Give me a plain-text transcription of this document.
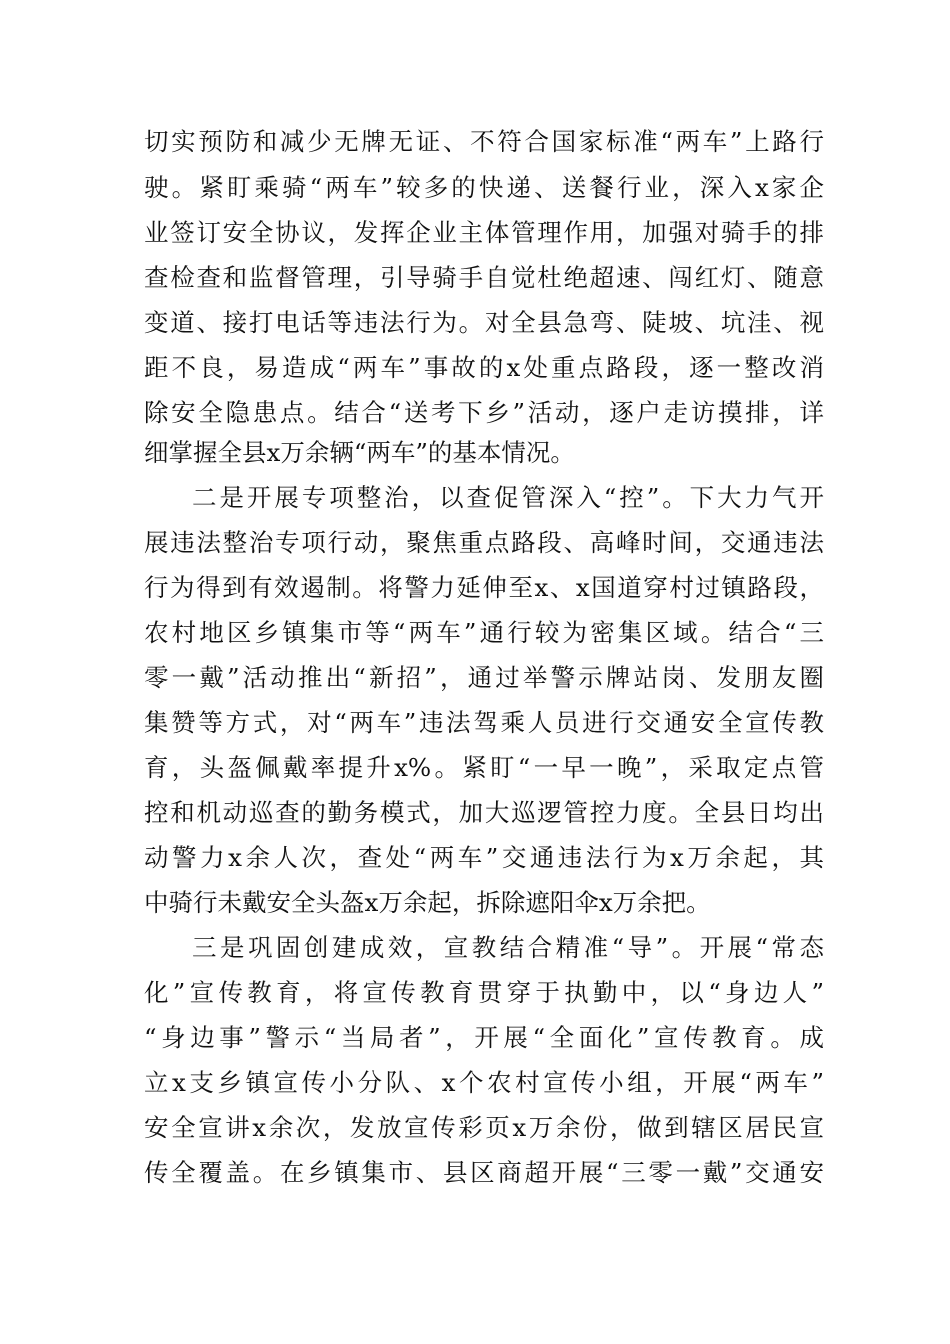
切实预防和减少无牌无证、不符合国家标准“两车”上路行
驶。紧盯乘骑“两车”较多的快递、送餐行业，深入x家企
业签订安全协议，发挥企业主体管理作用，加强对骑手的排
查检查和监督管理，引导骑手自觉杜绝超速、闯红灯、随意
变道、接打电话等违法行为。对全县急弯、陡坡、坑洼、视
距不良，易造成“两车”事故的x处重点路段，逐一整改消
除安全隐患点。结合“送考下乡”活动，逐户走访摸排，详
细掌握全县x万余辆“两车”的基本情况。
二是开展专项整治，以查促管深入“控”。下大力气开
展违法整治专项行动，聚焦重点路段、高峰时间，交通违法
行为得到有效遏制。将警力延伸至x、x国道穿村过镇路段，
农村地区乡镇集市等“两车”通行较为密集区域。结合“三
零一戴”活动推出“新招”，通过举警示牌站岗、发朋友圈
集赞等方式，对“两车”违法驾乘人员进行交通安全宣传教
育，头盔佩戴率提升x%。紧盯“一早一晚”，采取定点管
控和机动巡查的勤务模式，加大巡逻管控力度。全县日均出
动警力x余人次，查处“两车”交通违法行为x万余起，其
中骑行未戴安全头盔x万余起，拆除遮阳伞x万余把。
三是巩固创建成效，宣教结合精准“导”。开展“常态
化”宣传教育，将宣传教育贯穿于执勤中，以“身边人”
“身边事”警示“当局者”，开展“全面化”宣传教育。成
立x支乡镇宣传小分队、x个农村宣传小组，开展“两车”
安全宣讲x余次，发放宣传彩页x万余份，做到辖区居民宣
传全覆盖。在乡镇集市、县区商超开展“三零一戴”交通安
